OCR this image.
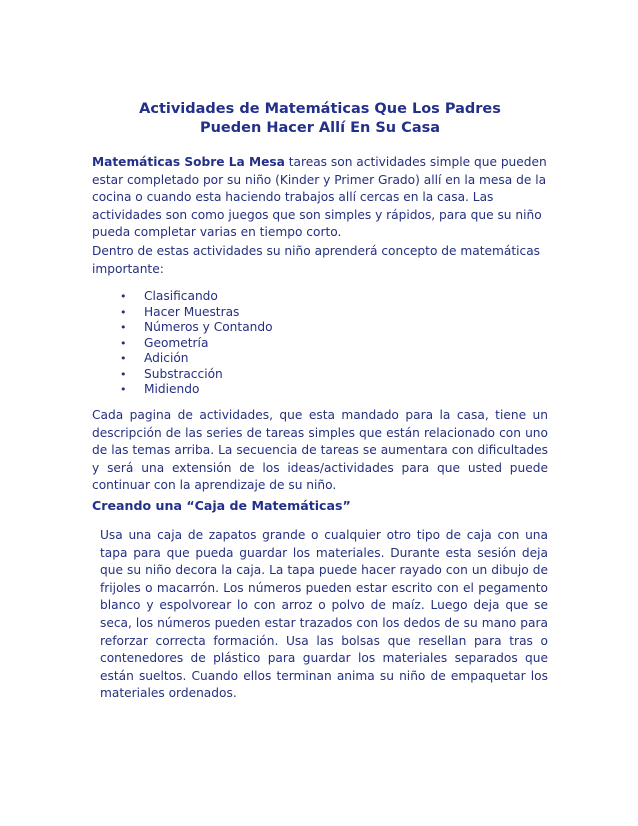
Actividades de Matemáticas Que Los Padres
Pueden Hacer Allí En Su Casa
Matemáticas Sobre La Mesa tareas son actividades simple que pueden estar completado por su niño (Kinder y Primer Grado) allí en la mesa de la cocina o cuando esta haciendo trabajos allí cercas en la casa. Las actividades son como juegos que son simples y rápidos, para que su niño pueda completar varias en tiempo corto.
Dentro de estas actividades su niño aprenderá concepto de matemáticas importante:
• Clasificando
• Hacer Muestras
• Números y Contando
• Geometría
• Adición
• Substracción
• Midiendo
Cada pagina de actividades, que esta mandado para la casa, tiene un descripción de las series de tareas simples que están relacionado con uno de las temas arriba. La secuencia de tareas se aumentara con dificultades y será una extensión de los ideas/actividades para que usted puede continuar con la aprendizaje de su niño.
Creando una “Caja de Matemáticas”
Usa una caja de zapatos grande o cualquier otro tipo de caja con una tapa para que pueda guardar los materiales. Durante esta sesión deja que su niño decora la caja. La tapa puede hacer rayado con un dibujo de frijoles o macarrón. Los números pueden estar escrito con el pegamento blanco y espolvorear lo con arroz o polvo de maíz. Luego deja que se seca, los números pueden estar trazados con los dedos de su mano para reforzar correcta formación. Usa las bolsas que resellan para tras o contenedores de plástico para guardar los materiales separados que están sueltos. Cuando ellos terminan anima su niño de empaquetar los materiales ordenados.
